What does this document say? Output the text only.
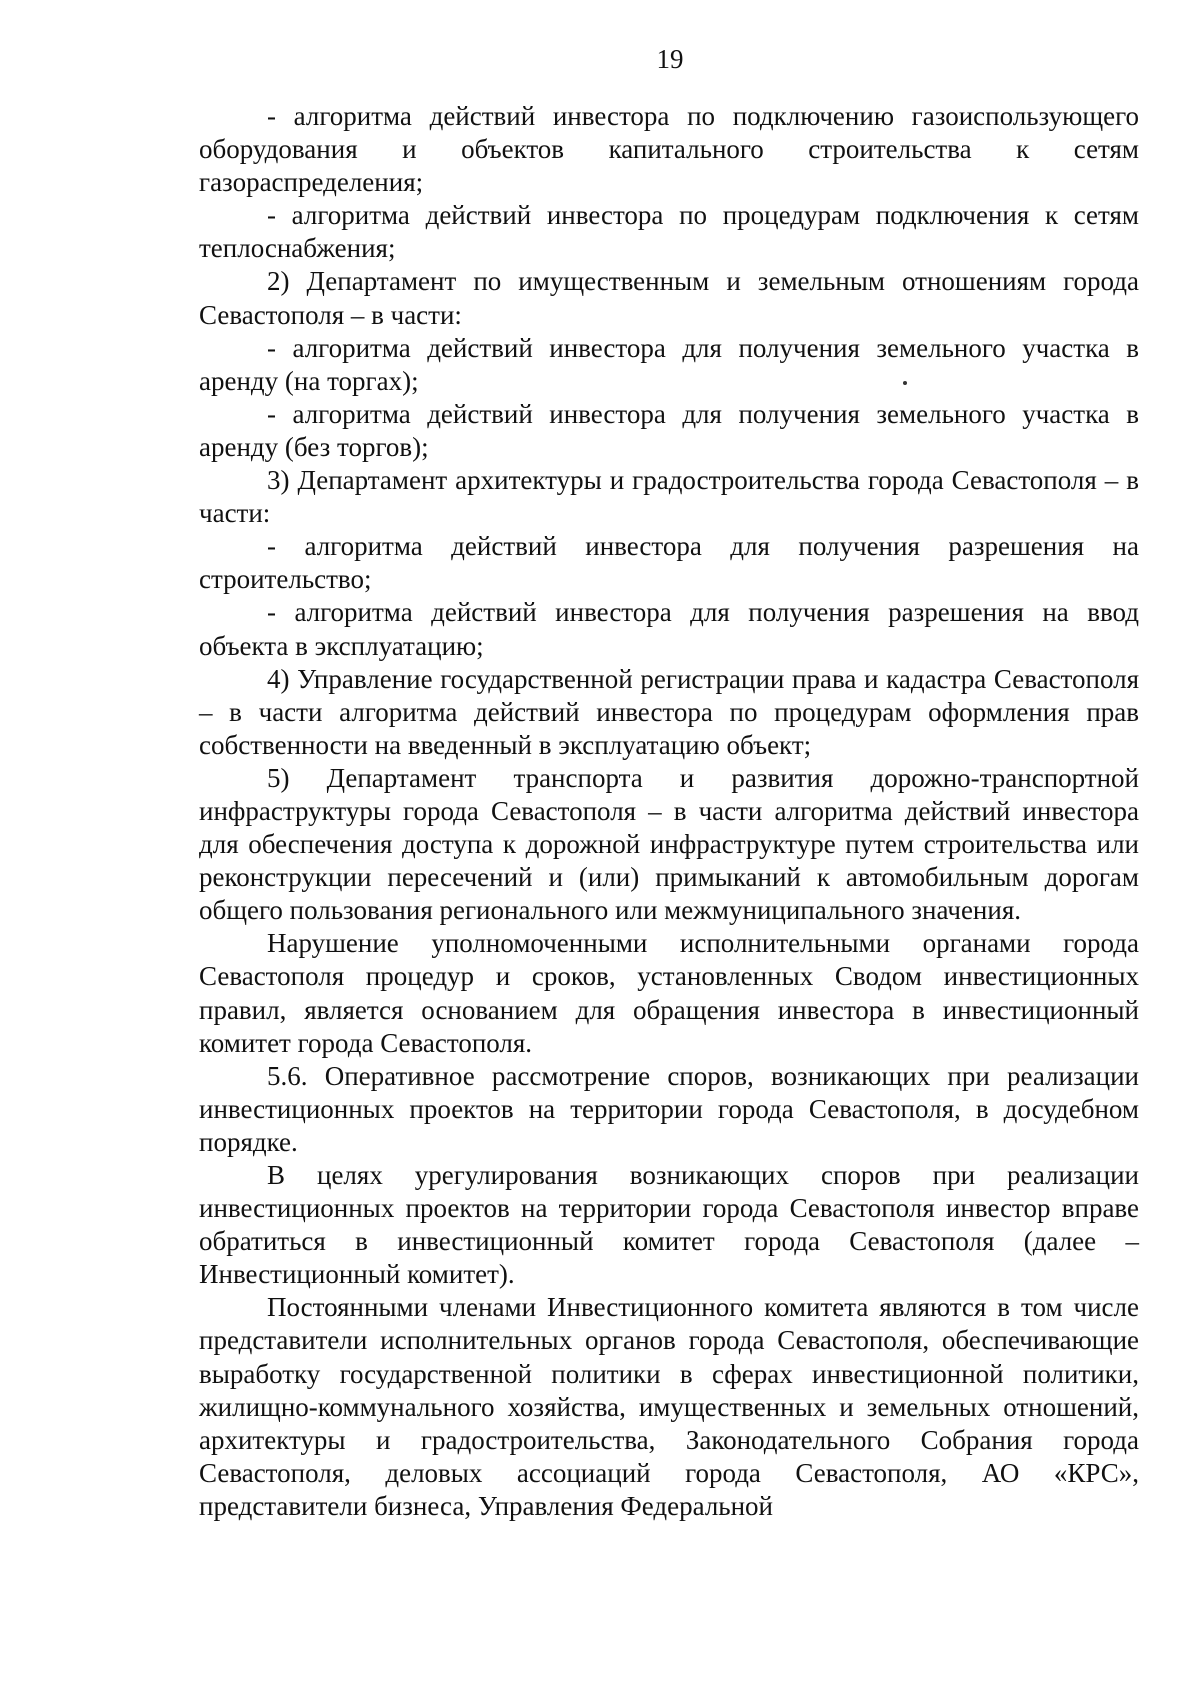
19

- алгоритма действий инвестора по подключению газоиспользующего оборудования и объектов капитального строительства к сетям газораспределения;

- алгоритма действий инвестора по процедурам подключения к сетям теплоснабжения;

2) Департамент по имущественным и земельным отношениям города Севастополя – в части:

- алгоритма действий инвестора для получения земельного участка в аренду (на торгах);

- алгоритма действий инвестора для получения земельного участка в аренду (без торгов);

3) Департамент архитектуры и градостроительства города Севастополя – в части:

- алгоритма действий инвестора для получения разрешения на строительство;

- алгоритма действий инвестора для получения разрешения на ввод объекта в эксплуатацию;

4) Управление государственной регистрации права и кадастра Севастополя – в части алгоритма действий инвестора по процедурам оформления прав собственности на введенный в эксплуатацию объект;

5) Департамент транспорта и развития дорожно-транспортной инфраструктуры города Севастополя – в части алгоритма действий инвестора для обеспечения доступа к дорожной инфраструктуре путем строительства или реконструкции пересечений и (или) примыканий к автомобильным дорогам общего пользования регионального или межмуниципального значения.

Нарушение уполномоченными исполнительными органами города Севастополя процедур и сроков, установленных Сводом инвестиционных правил, является основанием для обращения инвестора в инвестиционный комитет города Севастополя.

5.6. Оперативное рассмотрение споров, возникающих при реализации инвестиционных проектов на территории города Севастополя, в досудебном порядке.

В целях урегулирования возникающих споров при реализации инвестиционных проектов на территории города Севастополя инвестор вправе обратиться в инвестиционный комитет города Севастополя (далее – Инвестиционный комитет).

Постоянными членами Инвестиционного комитета являются в том числе представители исполнительных органов города Севастополя, обеспечивающие выработку государственной политики в сферах инвестиционной политики, жилищно-коммунального хозяйства, имущественных и земельных отношений, архитектуры и градостроительства, Законодательного Собрания города Севастополя, деловых ассоциаций города Севастополя, АО «КРС», представители бизнеса, Управления Федеральной
